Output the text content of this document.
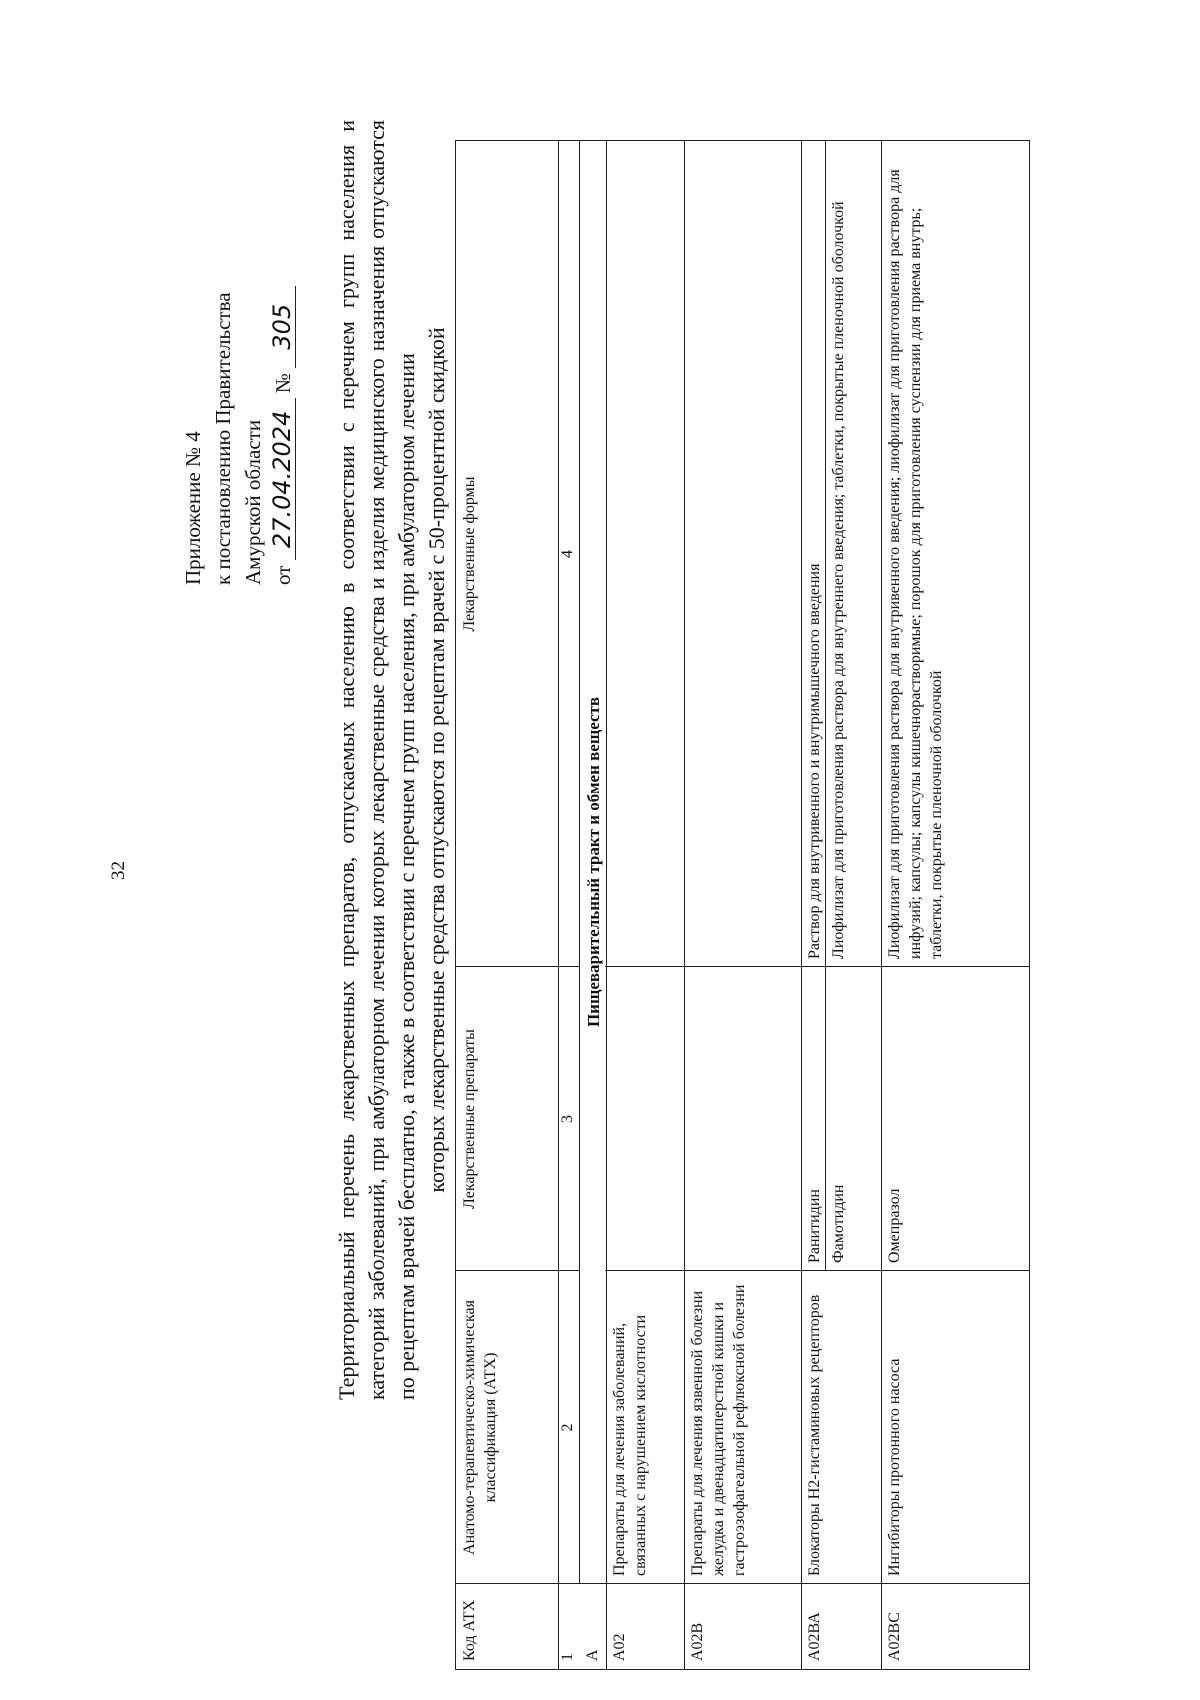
32
Приложение № 4 к постановлению Правительства Амурской области от 27.04.2024 № 305 Территориальный перечень лекарственных препаратов, отпускаемых населению в соответствии с перечнем групп населения и категорий заболеваний, при амбулаторном лечении которых лекарственные средства и изделия медицинского назначения отпускаются по рецептам врачей бесплатно, а также в соответствии с перечнем групп населения, при амбулаторном лечении которых лекарственные средства отпускаются по рецептам врачей с 50-процентной скидкой
Код АТХ
Анатомо-терапевтическо-химическая классификация (АТХ)
Лекарственные препараты
Лекарственные формы
1
2
3
4
А
Пищеварительный тракт и обмен веществ
А02
Препараты для лечения заболеваний, связанных с нарушением кислотности
А02В
Препараты для лечения язвенной болезни желудка и двенадцатиперстной кишки и гастроэзофагеальной рефлюксной болезни
А02ВА
Блокаторы Н2-гистаминовых рецепторов
Ранитидин
Раствор для внутривенного и внутримышечного введения
Фамотидин
Лиофилизат для приготовления раствора для внутреннего введения; таблетки, покрытые пленочной оболочкой
А02ВС
Ингибиторы протонного насоса
Омепразол
Лиофилизат для приготовления раствора для внутривенного введения; лиофилизат для приготовления раствора для инфузий; капсулы; капсулы кишечнорастворимые; порошок для приготовления суспензии для приема внутрь; таблетки, покрытые пленочной оболочкой
